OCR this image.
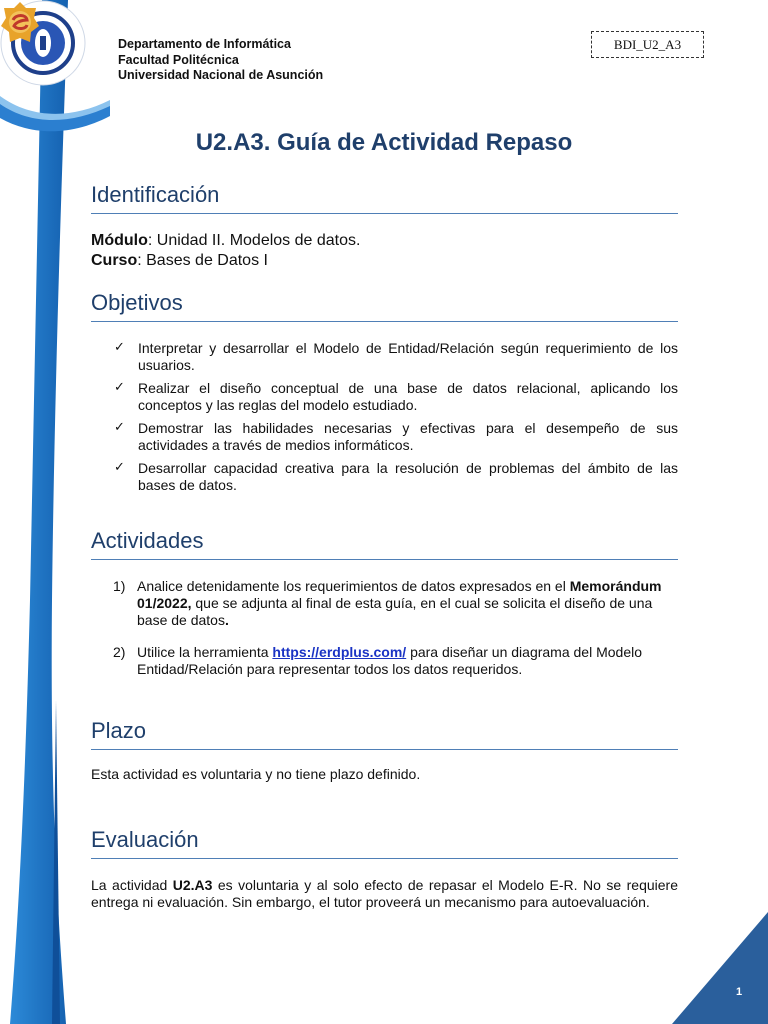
Departamento de Informática
Facultad Politécnica
Universidad Nacional de Asunción
BDI_U2_A3
U2.A3. Guía de Actividad Repaso
Identificación
Módulo: Unidad II. Modelos de datos.
Curso: Bases de Datos I
Objetivos
✓ Interpretar y desarrollar el Modelo de Entidad/Relación según requerimiento de los usuarios.
✓ Realizar el diseño conceptual de una base de datos relacional, aplicando los conceptos y las reglas del modelo estudiado.
✓ Demostrar las habilidades necesarias y efectivas para el desempeño de sus actividades a través de medios informáticos.
✓ Desarrollar capacidad creativa para la resolución de problemas del ámbito de las bases de datos.
Actividades
1) Analice detenidamente los requerimientos de datos expresados en el Memorándum 01/2022, que se adjunta al final de esta guía, en el cual se solicita el diseño de una base de datos.
2) Utilice la herramienta https://erdplus.com/ para diseñar un diagrama del Modelo Entidad/Relación para representar todos los datos requeridos.
Plazo
Esta actividad es voluntaria y no tiene plazo definido.
Evaluación
La actividad U2.A3 es voluntaria y al solo efecto de repasar el Modelo E-R. No se requiere entrega ni evaluación. Sin embargo, el tutor proveerá un mecanismo para autoevaluación.
1
